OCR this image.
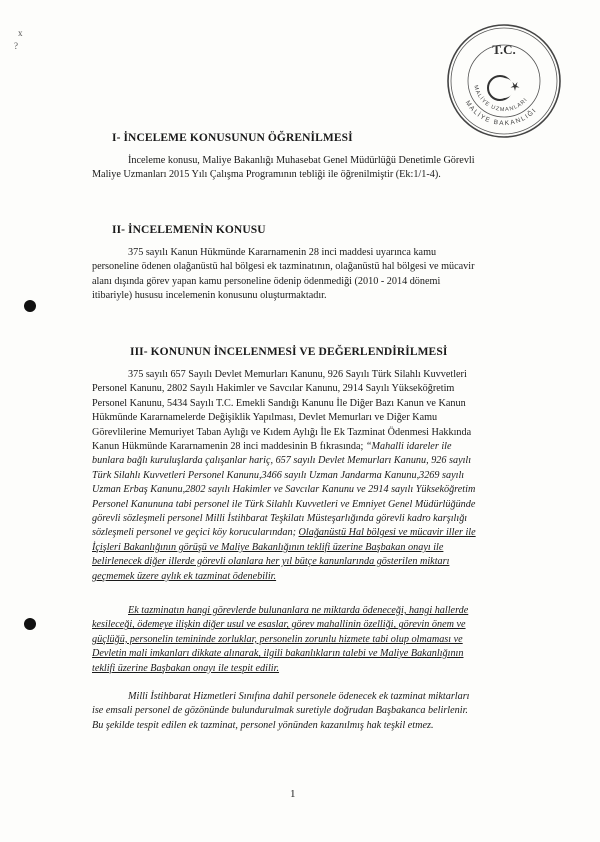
x
?	T.C.
MALİYE BAKANLIĞI
MALİYE UZMANLARI
I- İNCELEME KONUSUNUN ÖĞRENİLMESİ
İnceleme konusu, Maliye Bakanlığı Muhasebat Genel Müdürlüğü Denetimle Görevli
Maliye Uzmanları 2015 Yılı Çalışma Programının tebliği ile öğrenilmiştir (Ek:1/1-4).
II- İNCELEMENİN KONUSU
375 sayılı Kanun Hükmünde Kararnamenin 28 inci maddesi uyarınca kamu
personeline ödenen olağanüstü hal bölgesi ek tazminatının, olağanüstü hal bölgesi ve mücavir
alanı dışında görev yapan kamu personeline ödenip ödenmediği (2010 - 2014 dönemi
itibariyle) hususu incelemenin konusunu oluşturmaktadır.
III- KONUNUN İNCELENMESİ VE DEĞERLENDİRİLMESİ
375 sayılı 657 Sayılı Devlet Memurları Kanunu, 926 Sayılı Türk Silahlı Kuvvetleri
Personel Kanunu, 2802 Sayılı Hakimler ve Savcılar Kanunu, 2914 Sayılı Yükseköğretim
Personel Kanunu, 5434 Sayılı T.C. Emekli Sandığı Kanunu İle Diğer Bazı Kanun ve Kanun
Hükmünde Kararnamelerde Değişiklik Yapılması, Devlet Memurları ve Diğer Kamu
Görevlilerine Memuriyet Taban Aylığı ve Kıdem Aylığı İle Ek Tazminat Ödenmesi Hakkında
Kanun Hükmünde Kararnamenin 28 inci maddesinin B fıkrasında; “Mahalli idareler ile
bunlara bağlı kuruluşlarda çalışanlar hariç, 657 sayılı Devlet Memurları Kanunu, 926 sayılı
Türk Silahlı Kuvvetleri Personel Kanunu,3466 sayılı Uzman Jandarma Kanunu,3269 sayılı
Uzman Erbaş Kanunu,2802 sayılı Hakimler ve Savcılar Kanunu ve 2914 sayılı Yükseköğretim
Personel Kanununa tabi personel ile Türk Silahlı Kuvvetleri ve Emniyet Genel Müdürlüğünde
görevli sözleşmeli personel Milli İstihbarat Teşkilatı Müsteşarlığında görevli kadro karşılığı
sözleşmeli personel ve geçici köy korucularından; Olağanüstü Hal bölgesi ve mücavir iller ile
İçişleri Bakanlığının görüşü ve Maliye Bakanlığının teklifi üzerine Başbakan onayı ile
belirlenecek diğer illerde görevli olanlara her yıl bütçe kanunlarında gösterilen miktarı
geçmemek üzere aylık ek tazminat ödenebilir.
Ek tazminatın hangi görevlerde bulunanlara ne miktarda ödeneceği, hangi hallerde
kesileceği, ödemeye ilişkin diğer usul ve esaslar, görev mahallinin özelliği, görevin önem ve
güçlüğü, personelin temininde zorluklar, personelin zorunlu hizmete tabi olup olmaması ve
Devletin mali imkanları dikkate alınarak, ilgili bakanlıkların talebi ve Maliye Bakanlığının
teklifi üzerine Başbakan onayı ile tespit edilir.
Milli İstihbarat Hizmetleri Sınıfına dahil personele ödenecek ek tazminat miktarları
ise emsali personel de gözönünde bulundurulmak suretiyle doğrudan Başbakanca belirlenir.
Bu şekilde tespit edilen ek tazminat, personel yönünden kazanılmış hak teşkil etmez.
1
